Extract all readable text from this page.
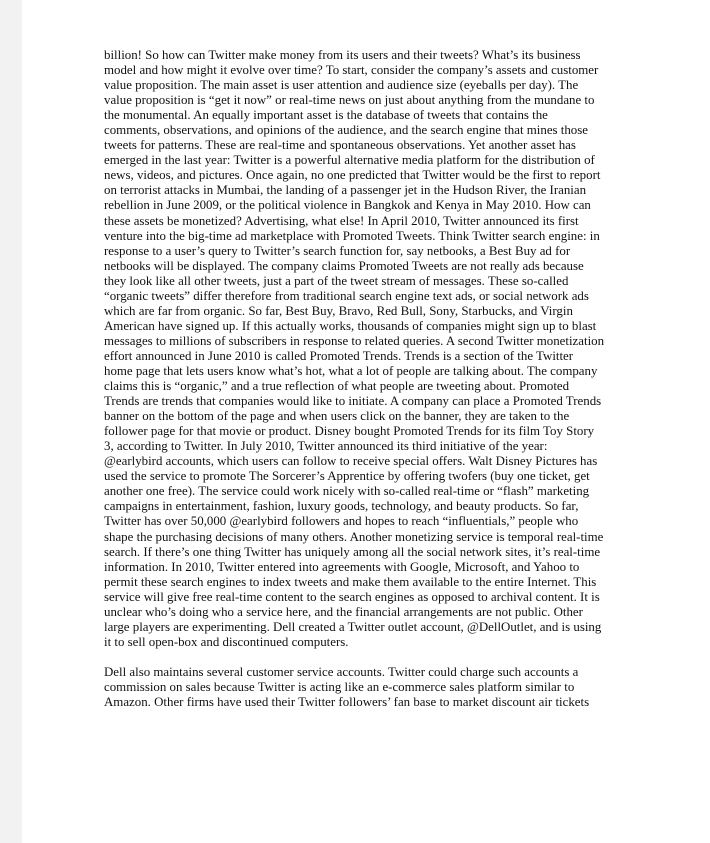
billion! So how can Twitter make money from its users and their tweets? What’s its business
model and how might it evolve over time? To start, consider the company’s assets and customer
value proposition. The main asset is user attention and audience size (eyeballs per day). The
value proposition is “get it now” or real-time news on just about anything from the mundane to
the monumental. An equally important asset is the database of tweets that contains the
comments, observations, and opinions of the audience, and the search engine that mines those
tweets for patterns. These are real-time and spontaneous observations. Yet another asset has
emerged in the last year: Twitter is a powerful alternative media platform for the distribution of
news, videos, and pictures. Once again, no one predicted that Twitter would be the first to report
on terrorist attacks in Mumbai, the landing of a passenger jet in the Hudson River, the Iranian
rebellion in June 2009, or the political violence in Bangkok and Kenya in May 2010. How can
these assets be monetized? Advertising, what else! In April 2010, Twitter announced its first
venture into the big-time ad marketplace with Promoted Tweets. Think Twitter search engine: in
response to a user’s query to Twitter’s search function for, say netbooks, a Best Buy ad for
netbooks will be displayed. The company claims Promoted Tweets are not really ads because
they look like all other tweets, just a part of the tweet stream of messages. These so-called
“organic tweets” differ therefore from traditional search engine text ads, or social network ads
which are far from organic. So far, Best Buy, Bravo, Red Bull, Sony, Starbucks, and Virgin
American have signed up. If this actually works, thousands of companies might sign up to blast
messages to millions of subscribers in response to related queries. A second Twitter monetization
effort announced in June 2010 is called Promoted Trends. Trends is a section of the Twitter
home page that lets users know what’s hot, what a lot of people are talking about. The company
claims this is “organic,” and a true reflection of what people are tweeting about. Promoted
Trends are trends that companies would like to initiate. A company can place a Promoted Trends
banner on the bottom of the page and when users click on the banner, they are taken to the
follower page for that movie or product. Disney bought Promoted Trends for its film Toy Story
3, according to Twitter. In July 2010, Twitter announced its third initiative of the year:
@earlybird accounts, which users can follow to receive special offers. Walt Disney Pictures has
used the service to promote The Sorcerer’s Apprentice by offering twofers (buy one ticket, get
another one free). The service could work nicely with so-called real-time or “flash” marketing
campaigns in entertainment, fashion, luxury goods, technology, and beauty products. So far,
Twitter has over 50,000 @earlybird followers and hopes to reach “influentials,” people who
shape the purchasing decisions of many others. Another monetizing service is temporal real-time
search. If there’s one thing Twitter has uniquely among all the social network sites, it’s real-time
information. In 2010, Twitter entered into agreements with Google, Microsoft, and Yahoo to
permit these search engines to index tweets and make them available to the entire Internet. This
service will give free real-time content to the search engines as opposed to archival content. It is
unclear who’s doing who a service here, and the financial arrangements are not public. Other
large players are experimenting. Dell created a Twitter outlet account, @DellOutlet, and is using
it to sell open-box and discontinued computers.
Dell also maintains several customer service accounts. Twitter could charge such accounts a
commission on sales because Twitter is acting like an e-commerce sales platform similar to
Amazon. Other firms have used their Twitter followers’ fan base to market discount air tickets
